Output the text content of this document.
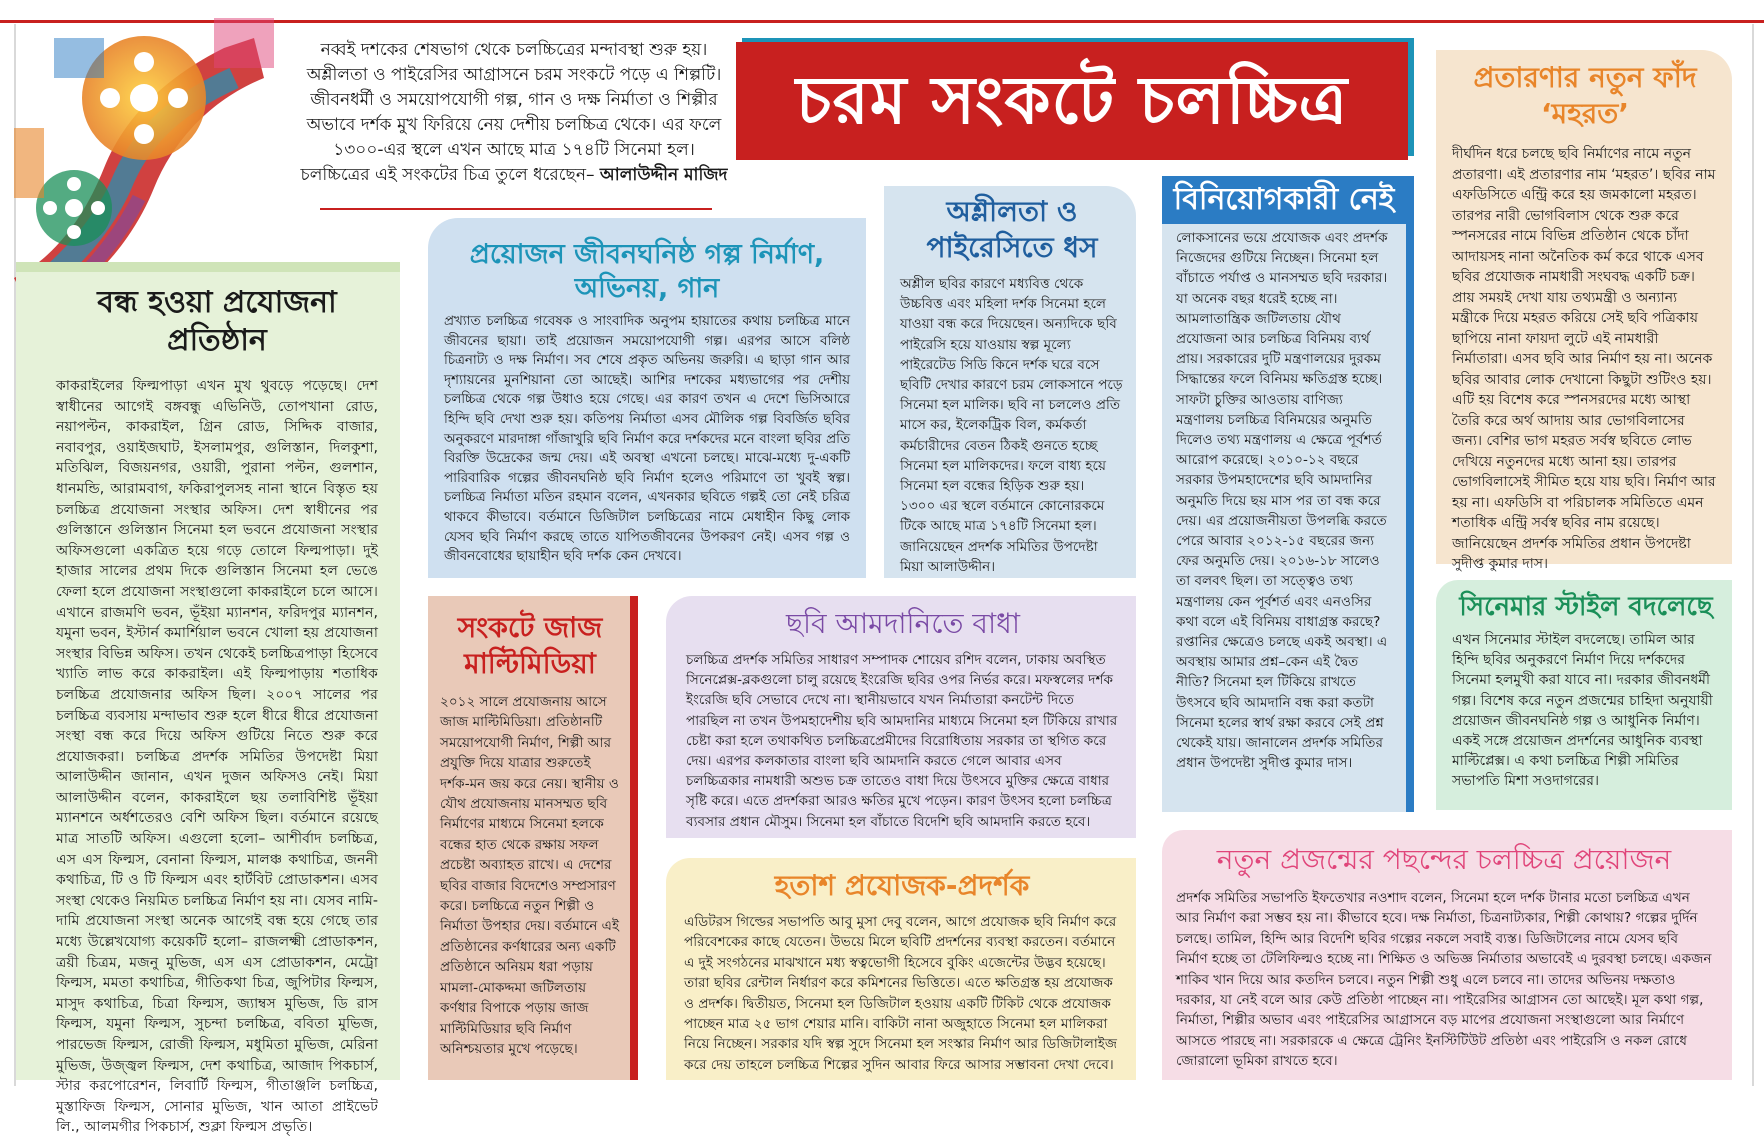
নব্বই দশকের শেষভাগ থেকে চলচ্চিত্রের মন্দাবস্থা শুরু হয়। অশ্লীলতা ও পাইরেসির আগ্রাসনে চরম সংকটে পড়ে এ শিল্পটি। জীবনধর্মী ও সময়োপযোগী গল্প, গান ও দক্ষ নির্মাতা ও শিল্পীর অভাবে দর্শক মুখ ফিরিয়ে নেয় দেশীয় চলচ্চিত্র থেকে। এর ফলে ১৩০০-এর স্থলে এখন আছে মাত্র ১৭৪টি সিনেমা হল। চলচ্চিত্রের এই সংকটের চিত্র তুলে ধরেছেন– আলাউদ্দীন মাজিদ
চরম সংকটে চলচ্চিত্র
বন্ধ হওয়া প্রযোজনা প্রতিষ্ঠান
কাকরাইলের ফিল্মপাড়া এখন মুখ থুবড়ে পড়েছে। দেশ স্বাধীনের আগেই বঙ্গবন্ধু এভিনিউ, তোপখানা রোড, নয়াপল্টন, কাকরাইল, গ্রিন রোড, সিদ্দিক বাজার, নবাবপুর, ওয়াইজঘাট, ইসলামপুর, গুলিস্তান, দিলকুশা, মতিঝিল, বিজয়নগর, ওয়ারী, পুরানা পল্টন, গুলশান, ধানমন্ডি, আরামবাগ, ফকিরাপুলসহ নানা স্থানে বিস্তৃত হয় চলচ্চিত্র প্রযোজনা সংস্থার অফিস। দেশ স্বাধীনের পর গুলিস্তানে গুলিস্তান সিনেমা হল ভবনে প্রযোজনা সংস্থার অফিসগুলো একত্রিত হয়ে গড়ে তোলে ফিল্মপাড়া। দুই হাজার সালের প্রথম দিকে গুলিস্তান সিনেমা হল ভেঙে ফেলা হলে প্রযোজনা সংস্থাগুলো কাকরাইলে চলে আসে। এখানে রাজমণি ভবন, ভূঁইয়া ম্যানশন, ফরিদপুর ম্যানশন, যমুনা ভবন, ইস্টার্ন কমার্শিয়াল ভবনে খোলা হয় প্রযোজনা সংস্থার বিভিন্ন অফিস। তখন থেকেই চলচ্চিত্রপাড়া হিসেবে খ্যাতি লাভ করে কাকরাইল। এই ফিল্মপাড়ায় শতাধিক চলচ্চিত্র প্রযোজনার অফিস ছিল। ২০০৭ সালের পর চলচ্চিত্র ব্যবসায় মন্দাভাব শুরু হলে ধীরে ধীরে প্রযোজনা সংস্থা বন্ধ করে দিয়ে অফিস গুটিয়ে নিতে শুরু করে প্রযোজকরা। চলচ্চিত্র প্রদর্শক সমিতির উপদেষ্টা মিয়া আলাউদ্দীন জানান, এখন দুজন অফিসও নেই। মিয়া আলাউদ্দীন বলেন, কাকরাইলে ছয় তলাবিশিষ্ট ভূঁইয়া ম্যানশনে অর্ধশতেরও বেশি অফিস ছিল। বর্তমানে রয়েছে মাত্র সাতটি অফিস। এগুলো হলো– আশীর্বাদ চলচ্চিত্র, এস এস ফিল্মস, বেনানা ফিল্মস, মালঞ্চ কথাচিত্র, জননী কথাচিত্র, টি ও টি ফিল্মস এবং হার্টবিট প্রোডাকশন। এসব সংস্থা থেকেও নিয়মিত চলচ্চিত্র নির্মাণ হয় না। যেসব নামি-দামি প্রযোজনা সংস্থা অনেক আগেই বন্ধ হয়ে গেছে তার মধ্যে উল্লেখযোগ্য কয়েকটি হলো– রাজলক্ষ্মী প্রোডাকশন, ত্রয়ী চিত্রম, মজনু মুভিজ, এস এস প্রোডাকশন, মেট্রো ফিল্মস, মমতা কথাচিত্র, গীতিকথা চিত্র, জুপিটার ফিল্মস, মাসুদ কথাচিত্র, চিত্রা ফিল্মস, জ্যাম্বস মুভিজ, ডি রাস ফিল্মস, যমুনা ফিল্মস, সুচন্দা চলচ্চিত্র, ববিতা মুভিজ, পারভেজ ফিল্মস, রোজী ফিল্মস, মধুমিতা মুভিজ, মেরিনা মুভিজ, উজ্জ্বল ফিল্মস, দেশ কথাচিত্র, আজাদ পিকচার্স, স্টার করপোরেশন, লিবার্টি ফিল্মস, গীতাঞ্জলি চলচ্চিত্র, মুস্তাফিজ ফিল্মস, সোনার মুভিজ, খান আতা প্রাইভেট লি., আলমগীর পিকচার্স, শুক্লা ফিল্মস প্রভৃতি।
প্রয়োজন জীবনঘনিষ্ঠ গল্প নির্মাণ, অভিনয়, গান
প্রখ্যাত চলচ্চিত্র গবেষক ও সাংবাদিক অনুপম হায়াতের কথায় চলচ্চিত্র মানে জীবনের ছায়া। তাই প্রয়োজন সময়োপযোগী গল্প। এরপর আসে বলিষ্ঠ চিত্রনাট্য ও দক্ষ নির্মাণ। সব শেষে প্রকৃত অভিনয় জরুরি। এ ছাড়া গান আর দৃশ্যায়নের মুনশিয়ানা তো আছেই। আশির দশকের মধ্যভাগের পর দেশীয় চলচ্চিত্র থেকে গল্প উধাও হয়ে গেছে। এর কারণ তখন এ দেশে ভিসিআরে হিন্দি ছবি দেখা শুরু হয়। কতিপয় নির্মাতা এসব মৌলিক গল্প বিবর্জিত ছবির অনুকরণে মারদাঙ্গা গাঁজাখুরি ছবি নির্মাণ করে দর্শকদের মনে বাংলা ছবির প্রতি বিরক্তি উদ্রেকের জন্ম দেয়। এই অবস্থা এখনো চলছে। মাঝে-মধ্যে দু-একটি পারিবারিক গল্পের জীবনঘনিষ্ঠ ছবি নির্মাণ হলেও পরিমাণে তা খুবই স্বল্প। চলচ্চিত্র নির্মাতা মতিন রহমান বলেন, এখনকার ছবিতে গল্পই তো নেই চরিত্র থাকবে কীভাবে। বর্তমানে ডিজিটাল চলচ্চিত্রের নামে মেধাহীন কিছু লোক যেসব ছবি নির্মাণ করছে তাতে যাপিতজীবনের উপকরণ নেই। এসব গল্প ও জীবনবোধের ছায়াহীন ছবি দর্শক কেন দেখবে।
অশ্লীলতা ও পাইরেসিতে ধস
অশ্লীল ছবির কারণে মধ্যবিত্ত থেকে উচ্চবিত্ত এবং মহিলা দর্শক সিনেমা হলে যাওয়া বন্ধ করে দিয়েছেন। অন্যদিকে ছবি পাইরেসি হয়ে যাওয়ায় স্বল্প মূল্যে পাইরেটেড সিডি কিনে দর্শক ঘরে বসে ছবিটি দেখার কারণে চরম লোকসানে পড়ে সিনেমা হল মালিক। ছবি না চললেও প্রতি মাসে কর, ইলেকট্রিক বিল, কর্মকর্তা কর্মচারীদের বেতন ঠিকই গুনতে হচ্ছে সিনেমা হল মালিকদের। ফলে বাধ্য হয়ে সিনেমা হল বন্ধের হিড়িক শুরু হয়। ১৩০০ এর স্থলে বর্তমানে কোনোরকমে টিকে আছে মাত্র ১৭৪টি সিনেমা হল। জানিয়েছেন প্রদর্শক সমিতির উপদেষ্টা মিয়া আলাউদ্দীন।
বিনিয়োগকারী নেই
লোকসানের ভয়ে প্রযোজক এবং প্রদর্শক নিজেদের গুটিয়ে নিচ্ছেন। সিনেমা হল বাঁচাতে পর্যাপ্ত ও মানসম্মত ছবি দরকার। যা অনেক বছর ধরেই হচ্ছে না। আমলাতান্ত্রিক জটিলতায় যৌথ প্রযোজনা আর চলচ্চিত্র বিনিময় ব্যর্থ প্রায়। সরকারের দুটি মন্ত্রণালয়ের দুরকম সিদ্ধান্তের ফলে বিনিময় ক্ষতিগ্রস্ত হচ্ছে। সাফটা চুক্তির আওতায় বাণিজ্য মন্ত্রণালয় চলচ্চিত্র বিনিময়ের অনুমতি দিলেও তথ্য মন্ত্রণালয় এ ক্ষেত্রে পূর্বশর্ত আরোপ করেছে। ২০১০-১২ বছরে সরকার উপমহাদেশের ছবি আমদানির অনুমতি দিয়ে ছয় মাস পর তা বন্ধ করে দেয়। এর প্রয়োজনীয়তা উপলব্ধি করতে পেরে আবার ২০১২-১৫ বছরের জন্য ফের অনুমতি দেয়। ২০১৬-১৮ সালেও তা বলবৎ ছিল। তা সত্ত্বেও তথ্য মন্ত্রণালয় কেন পূর্বশর্ত এবং এনওসির কথা বলে এই বিনিময় বাধাগ্রস্ত করছে? রপ্তানির ক্ষেত্রেও চলছে একই অবস্থা। এ অবস্থায় আমার প্রশ্ন–কেন এই দ্বৈত নীতি? সিনেমা হল টিকিয়ে রাখতে উৎসবে ছবি আমদানি বন্ধ করা কতটা সিনেমা হলের স্বার্থ রক্ষা করবে সেই প্রশ্ন থেকেই যায়। জানালেন প্রদর্শক সমিতির প্রধান উপদেষ্টা সুদীপ্ত কুমার দাস।
প্রতারণার নতুন ফাঁদ ‘মহরত’
দীর্ঘদিন ধরে চলছে ছবি নির্মাণের নামে নতুন প্রতারণা। এই প্রতারণার নাম ‘মহরত’। ছবির নাম এফডিসিতে এন্ট্রি করে হয় জমকালো মহরত। তারপর নারী ভোগবিলাস থেকে শুরু করে স্পনসরের নামে বিভিন্ন প্রতিষ্ঠান থেকে চাঁদা আদায়সহ নানা অনৈতিক কর্ম করে থাকে এসব ছবির প্রযোজক নামধারী সংঘবদ্ধ একটি চক্র। প্রায় সময়ই দেখা যায় তথ্যমন্ত্রী ও অন্যান্য মন্ত্রীকে দিয়ে মহরত করিয়ে সেই ছবি পত্রিকায় ছাপিয়ে নানা ফায়দা লুটে এই নামধারী নির্মাতারা। এসব ছবি আর নির্মাণ হয় না। অনেক ছবির আবার লোক দেখানো কিছুটা শুটিংও হয়। এটি হয় বিশেষ করে স্পনসরদের মধ্যে আস্থা তৈরি করে অর্থ আদায় আর ভোগবিলাসের জন্য। বেশির ভাগ মহরত সর্বস্ব ছবিতে লোভ দেখিয়ে নতুনদের মধ্যে আনা হয়। তারপর ভোগবিলাসেই সীমিত হয়ে যায় ছবি। নির্মাণ আর হয় না। এফডিসি বা পরিচালক সমিতিতে এমন শতাধিক এন্ট্রি সর্বস্ব ছবির নাম রয়েছে। জানিয়েছেন প্রদর্শক সমিতির প্রধান উপদেষ্টা সুদীপ্ত কুমার দাস।
সিনেমার স্টাইল বদলেছে
এখন সিনেমার স্টাইল বদলেছে। তামিল আর হিন্দি ছবির অনুকরণে নির্মাণ দিয়ে দর্শকদের সিনেমা হলমুখী করা যাবে না। দরকার জীবনধর্মী গল্প। বিশেষ করে নতুন প্রজন্মের চাহিদা অনুযায়ী প্রয়োজন জীবনঘনিষ্ঠ গল্প ও আধুনিক নির্মাণ। একই সঙ্গে প্রয়োজন প্রদর্শনের আধুনিক ব্যবস্থা মাল্টিপ্লেক্স। এ কথা চলচ্চিত্র শিল্পী সমিতির সভাপতি মিশা সওদাগরের।
সংকটে জাজ মাল্টিমিডিয়া
২০১২ সালে প্রযোজনায় আসে জাজ মাল্টিমিডিয়া। প্রতিষ্ঠানটি সময়োপযোগী নির্মাণ, শিল্পী আর প্রযুক্তি দিয়ে যাত্রার শুরুতেই দর্শক-মন জয় করে নেয়। স্থানীয় ও যৌথ প্রযোজনায় মানসম্মত ছবি নির্মাণের মাধ্যমে সিনেমা হলকে বন্ধের হাত থেকে রক্ষায় সফল প্রচেষ্টা অব্যাহত রাখে। এ দেশের ছবির বাজার বিদেশেও সম্প্রসারণ করে। চলচ্চিত্রে নতুন শিল্পী ও নির্মাতা উপহার দেয়। বর্তমানে এই প্রতিষ্ঠানের কর্ণধারের অন্য একটি প্রতিষ্ঠানে অনিয়ম ধরা পড়ায় মামলা-মোকদ্দমা জটিলতায় কর্ণধার বিপাকে পড়ায় জাজ মাল্টিমিডিয়ার ছবি নির্মাণ অনিশ্চয়তার মুখে পড়েছে।
ছবি আমদানিতে বাধা
চলচ্চিত্র প্রদর্শক সমিতির সাধারণ সম্পাদক শোয়েব রশিদ বলেন, ঢাকায় অবস্থিত সিনেপ্লেক্স-ব্লকগুলো চালু রয়েছে ইংরেজি ছবির ওপর নির্ভর করে। মফস্বলের দর্শক ইংরেজি ছবি সেভাবে দেখে না। স্থানীয়ভাবে যখন নির্মাতারা কনটেন্ট দিতে পারছিল না তখন উপমহাদেশীয় ছবি আমদানির মাধ্যমে সিনেমা হল টিকিয়ে রাখার চেষ্টা করা হলে তথাকথিত চলচ্চিত্রপ্রেমীদের বিরোধিতায় সরকার তা স্থগিত করে দেয়। এরপর কলকাতার বাংলা ছবি আমদানি করতে গেলে আবার এসব চলচ্চিত্রকার নামধারী অশুভ চক্র তাতেও বাধা দিয়ে উৎসবে মুক্তির ক্ষেত্রে বাধার সৃষ্টি করে। এতে প্রদর্শকরা আরও ক্ষতির মুখে পড়েন। কারণ উৎসব হলো চলচ্চিত্র ব্যবসার প্রধান মৌসুম। সিনেমা হল বাঁচাতে বিদেশি ছবি আমদানি করতে হবে।
হতাশ প্রযোজক-প্রদর্শক
এডিটরস গিল্ডের সভাপতি আবু মুসা দেবু বলেন, আগে প্রযোজক ছবি নির্মাণ করে পরিবেশকের কাছে যেতেন। উভয়ে মিলে ছবিটি প্রদর্শনের ব্যবস্থা করতেন। বর্তমানে এ দুই সংগঠনের মাঝখানে মধ্য স্বত্বভোগী হিসেবে বুকিং এজেন্টের উদ্ভব হয়েছে। তারা ছবির রেন্টাল নির্ধারণ করে কমিশনের ভিত্তিতে। এতে ক্ষতিগ্রস্ত হয় প্রযোজক ও প্রদর্শক। দ্বিতীয়ত, সিনেমা হল ডিজিটাল হওয়ায় একটি টিকিট থেকে প্রযোজক পাচ্ছেন মাত্র ২৫ ভাগ শেয়ার মানি। বাকিটা নানা অজুহাতে সিনেমা হল মালিকরা নিয়ে নিচ্ছেন। সরকার যদি স্বল্প সুদে সিনেমা হল সংস্কার নির্মাণ আর ডিজিটালাইজ করে দেয় তাহলে চলচ্চিত্র শিল্পের সুদিন আবার ফিরে আসার সম্ভাবনা দেখা দেবে।
নতুন প্রজন্মের পছন্দের চলচ্চিত্র প্রয়োজন
প্রদর্শক সমিতির সভাপতি ইফতেখার নওশাদ বলেন, সিনেমা হলে দর্শক টানার মতো চলচ্চিত্র এখন আর নির্মাণ করা সম্ভব হয় না। কীভাবে হবে। দক্ষ নির্মাতা, চিত্রনাট্যকার, শিল্পী কোথায়? গল্পের দুর্দিন চলছে। তামিল, হিন্দি আর বিদেশি ছবির গল্পের নকলে সবাই ব্যস্ত। ডিজিটালের নামে যেসব ছবি নির্মাণ হচ্ছে তা টেলিফিল্মও হচ্ছে না। শিক্ষিত ও অভিজ্ঞ নির্মাতার অভাবেই এ দুরবস্থা চলছে। একজন শাকিব খান দিয়ে আর কতদিন চলবে। নতুন শিল্পী শুধু এলে চলবে না। তাদের অভিনয় দক্ষতাও দরকার, যা নেই বলে আর কেউ প্রতিষ্ঠা পাচ্ছেন না। পাইরেসির আগ্রাসন তো আছেই। মূল কথা গল্প, নির্মাতা, শিল্পীর অভাব এবং পাইরেসির আগ্রাসনে বড় মাপের প্রযোজনা সংস্থাগুলো আর নির্মাণে আসতে পারছে না। সরকারকে এ ক্ষেত্রে ট্রেনিং ইনস্টিটিউট প্রতিষ্ঠা এবং পাইরেসি ও নকল রোধে জোরালো ভূমিকা রাখতে হবে।
